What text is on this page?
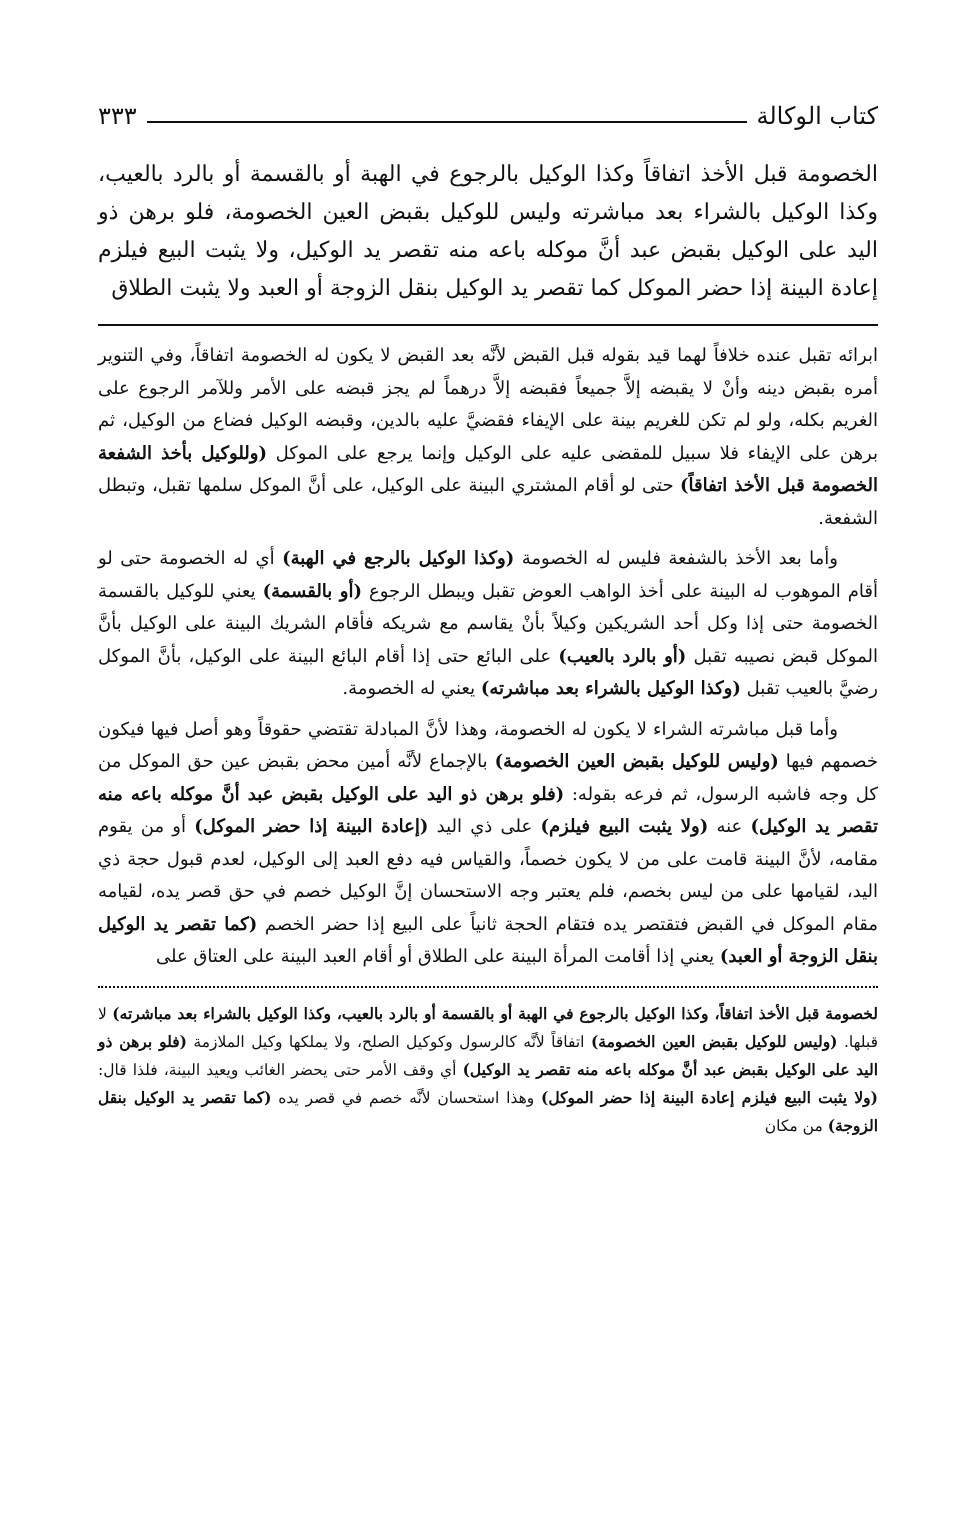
كتاب الوكالة
٣٣٣

الخصومة قبل الأخذ اتفاقاً وكذا الوكيل بالرجوع في الهبة أو بالقسمة أو بالرد بالعيب، وكذا الوكيل بالشراء بعد مباشرته وليس للوكيل بقبض العين الخصومة، فلو برهن ذو اليد على الوكيل بقبض عبد أنَّ موكله باعه منه تقصر يد الوكيل، ولا يثبت البيع فيلزم إعادة البينة إذا حضر الموكل كما تقصر يد الوكيل بنقل الزوجة أو العبد ولا يثبت الطلاق

ابرائه تقبل عنده خلافاً لهما قيد بقوله قبل القبض لأنَّه بعد القبض لا يكون له الخصومة اتفاقاً، وفي التنوير أمره بقبض دينه وأنْ لا يقبضه إلاَّ جميعاً فقبضه إلاَّ درهماً لم يجز قبضه على الأمر وللآمر الرجوع على الغريم بكله، ولو لم تكن للغريم بينة على الإيفاء فقضيَّ عليه بالدين، وقبضه الوكيل فضاع من الوكيل، ثم برهن على الإيفاء فلا سبيل للمقضى عليه على الوكيل وإنما يرجع على الموكل (وللوكيل بأخذ الشفعة الخصومة قبل الأخذ اتفاقاً) حتى لو أقام المشتري البينة على الوكيل، على أنَّ الموكل سلمها تقبل، وتبطل الشفعة.

وأما بعد الأخذ بالشفعة فليس له الخصومة (وكذا الوكيل بالرجع في الهبة) أي له الخصومة حتى لو أقام الموهوب له البينة على أخذ الواهب العوض تقبل ويبطل الرجوع (أو بالقسمة) يعني للوكيل بالقسمة الخصومة حتى إذا وكل أحد الشريكين وكيلاً بأنْ يقاسم مع شريكه فأقام الشريك البينة على الوكيل بأنَّ الموكل قبض نصيبه تقبل (أو بالرد بالعيب) على البائع حتى إذا أقام البائع البينة على الوكيل، بأنَّ الموكل رضيَّ بالعيب تقبل (وكذا الوكيل بالشراء بعد مباشرته) يعني له الخصومة.

وأما قبل مباشرته الشراء لا يكون له الخصومة، وهذا لأنَّ المبادلة تقتضي حقوقاً وهو أصل فيها فيكون خصمهم فيها (وليس للوكيل بقبض العين الخصومة) بالإجماع لأنَّه أمين محض بقبض عين حق الموكل من كل وجه فاشبه الرسول، ثم فرعه بقوله: (فلو برهن ذو اليد على الوكيل بقبض عبد أنَّ موكله باعه منه تقصر يد الوكيل) عنه (ولا يثبت البيع فيلزم) على ذي اليد (إعادة البينة إذا حضر الموكل) أو من يقوم مقامه، لأنَّ البينة قامت على من لا يكون خصماً، والقياس فيه دفع العبد إلى الوكيل، لعدم قبول حجة ذي اليد، لقيامها على من ليس بخصم، فلم يعتبر وجه الاستحسان إنَّ الوكيل خصم في حق قصر يده، لقيامه مقام الموكل في القبض فتقتصر يده فتقام الحجة ثانياً على البيع إذا حضر الخصم (كما تقصر يد الوكيل بنقل الزوجة أو العبد) يعني إذا أقامت المرأة البينة على الطلاق أو أقام العبد البينة على العتاق على

لخصومة قبل الأخذ اتفاقاً، وكذا الوكيل بالرجوع في الهبة أو بالقسمة أو بالرد بالعيب، وكذا الوكيل بالشراء بعد مباشرته) لا قبلها. (وليس للوكيل بقبض العين الخصومة) اتفاقاً لأنَّه كالرسول وكوكيل الصلح، ولا يملكها وكيل الملازمة (فلو برهن ذو اليد على الوكيل بقبض عبد أنَّ موكله باعه منه تقصر يد الوكيل) أي وقف الأمر حتى يحضر الغائب ويعيد البينة، فلذا قال: (ولا يثبت البيع فيلزم إعادة البينة إذا حضر الموكل) وهذا استحسان لأنَّه خصم في قصر يده (كما تقصر يد الوكيل بنقل الزوجة) من مكان
